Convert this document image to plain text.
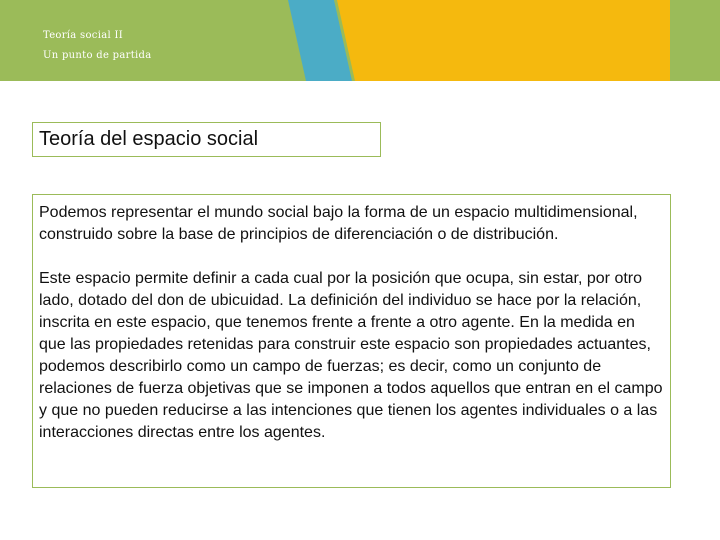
Teoría social II
Un punto de partida
Teoría del espacio social

Podemos representar el mundo social bajo la forma de un espacio multidimensional, construido sobre la base de principios de diferenciación o de distribución.

Este espacio permite definir a cada cual por la posición que ocupa, sin estar, por otro lado, dotado del don de ubicuidad. La definición del individuo se hace por la relación, inscrita en este espacio, que tenemos frente a frente a otro agente. En la medida en que las propiedades retenidas para construir este espacio son propiedades actuantes, podemos describirlo como un campo de fuerzas; es decir, como un conjunto de relaciones de fuerza objetivas que se imponen a todos aquellos que entran en el campo y que no pueden reducirse a las intenciones que tienen los agentes individuales o a las interacciones directas entre los agentes.
